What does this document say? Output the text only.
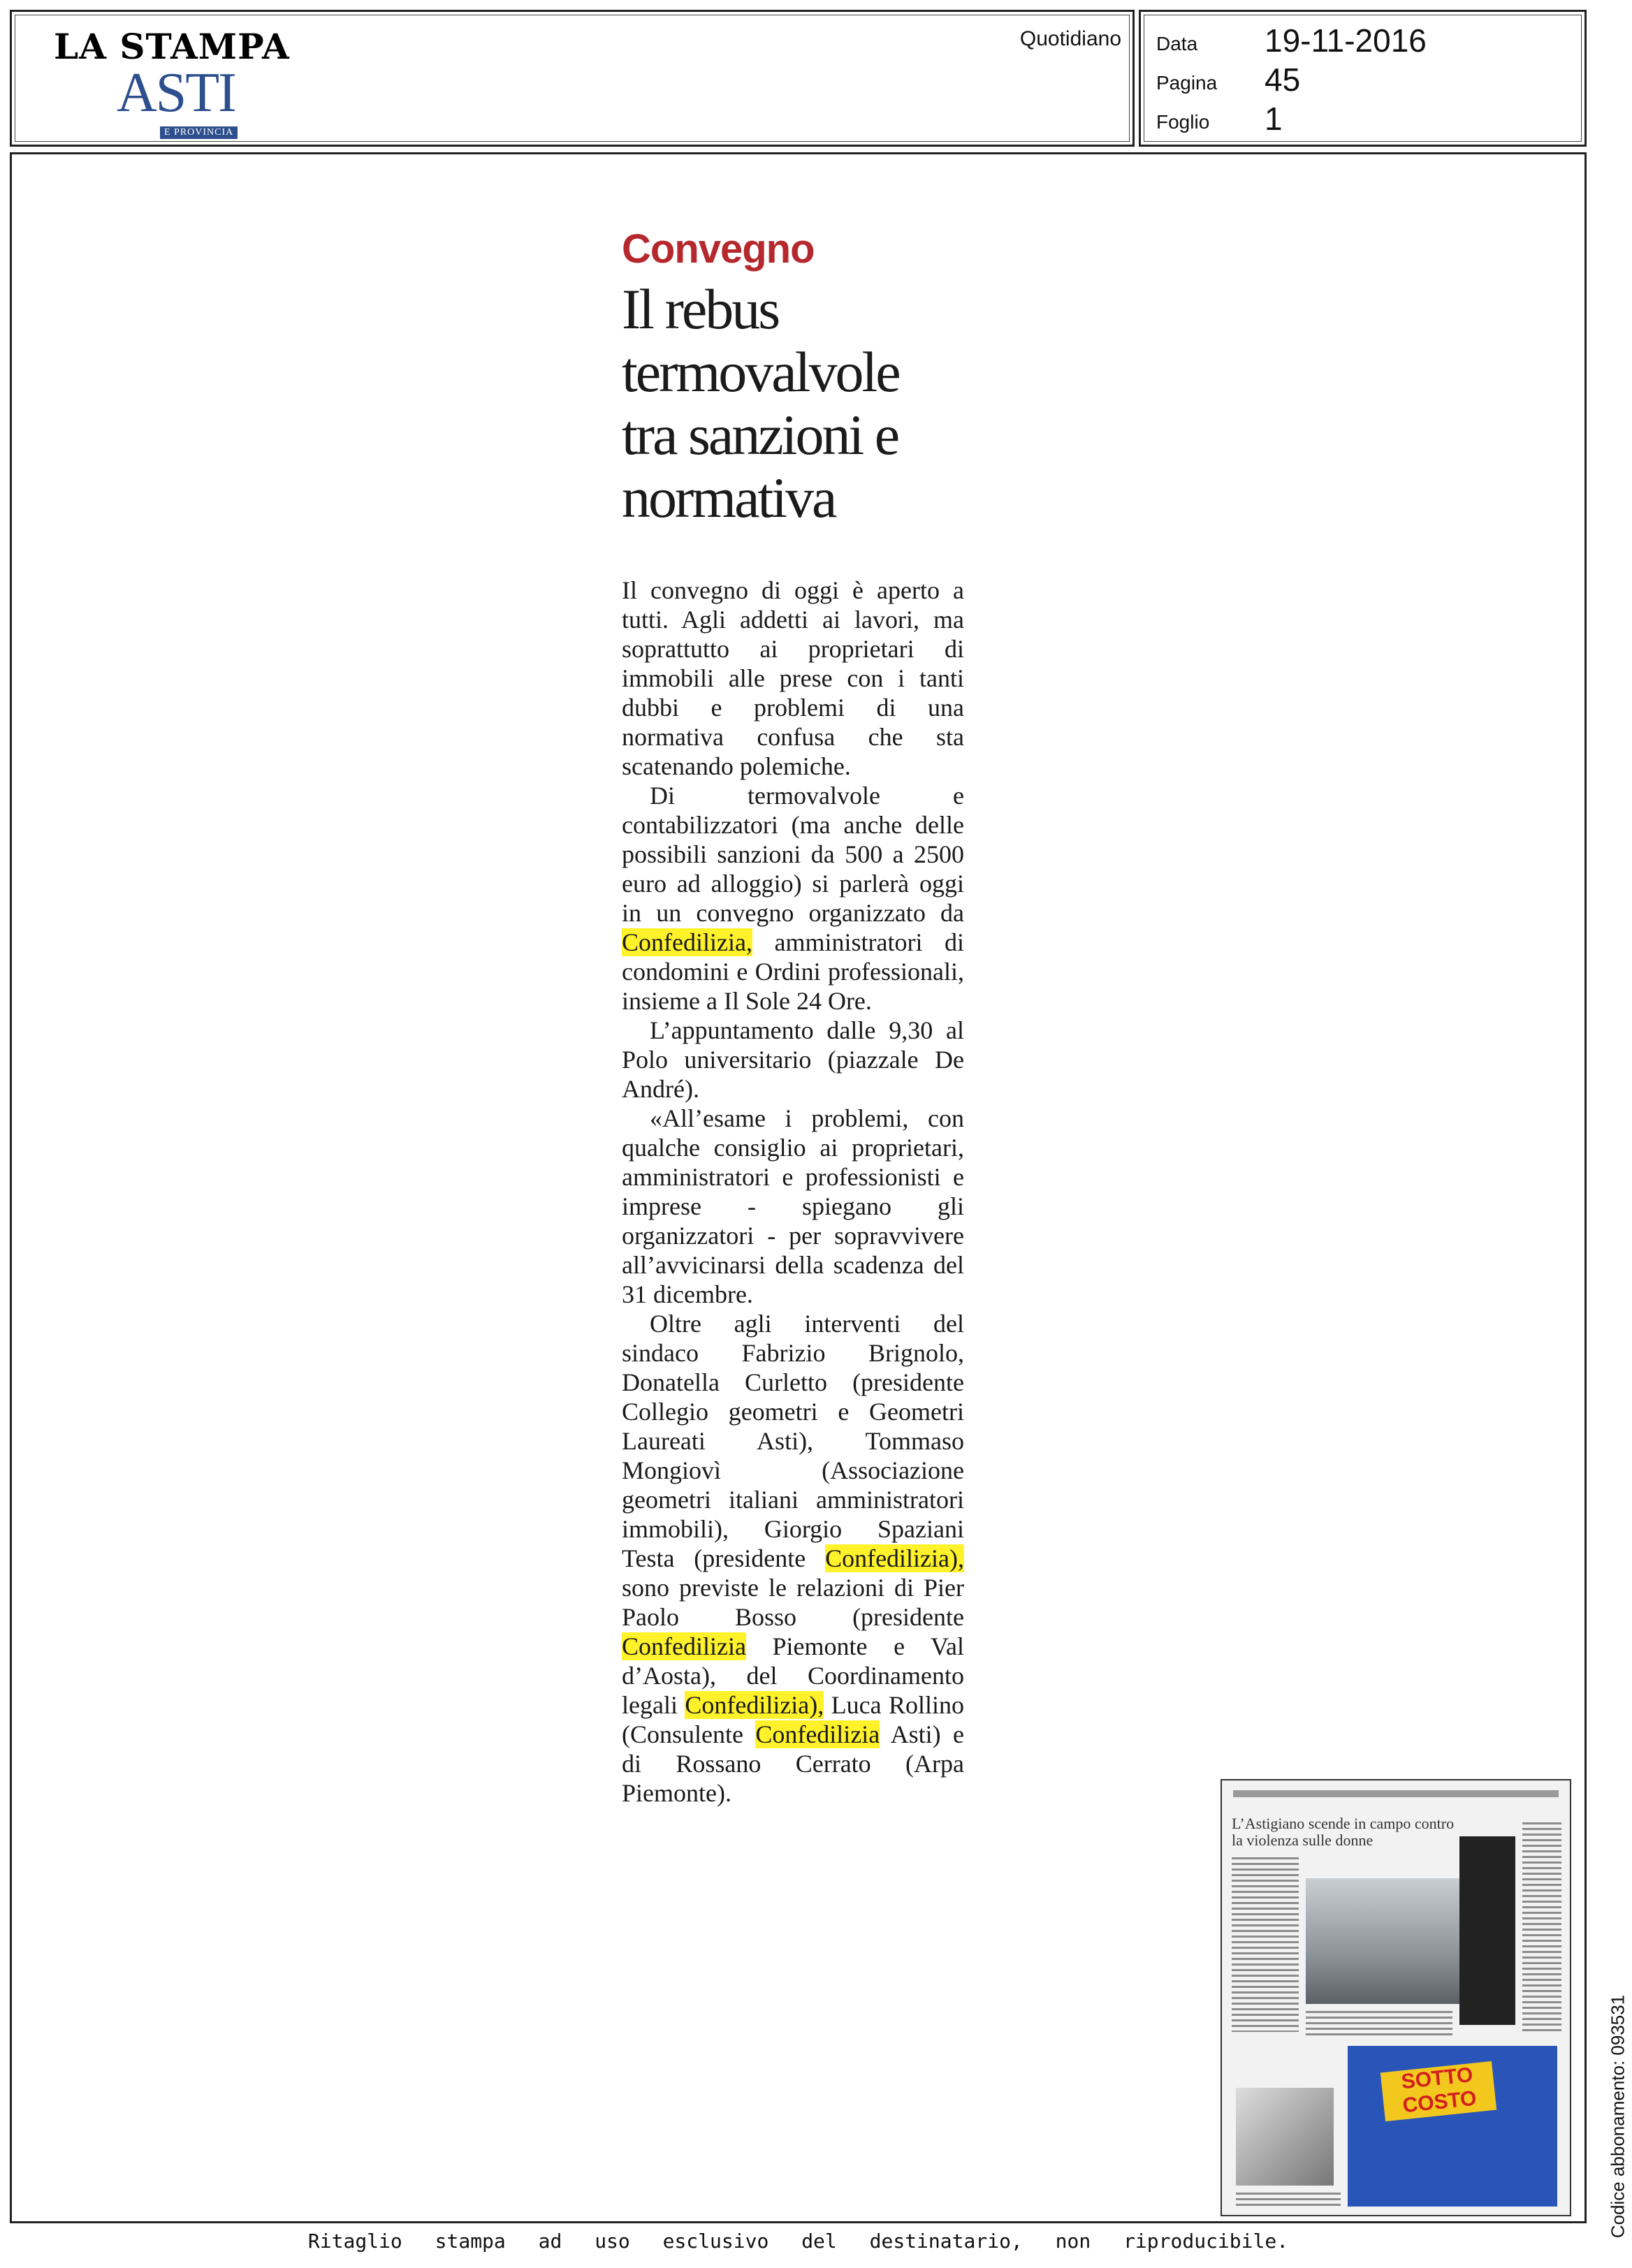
LA STAMPA
ASTI
E PROVINCIA
Quotidiano Data 19-11-2016
Pagina 45
Foglio 1
Convegno
Il rebus termovalvole tra sanzioni e normativa

Il convegno di oggi è aperto a tutti. Agli addetti ai lavori, ma soprattutto ai proprietari di immobili alle prese con i tanti dubbi e problemi di una normativa confusa che sta scatenando polemiche.

Di termovalvole e contabilizzatori (ma anche delle possibili sanzioni da 500 a 2500 euro ad alloggio) si parlerà oggi in un convegno organizzato da Confedilizia, amministratori di condomini e Ordini professionali, insieme a Il Sole 24 Ore.

L’appuntamento dalle 9,30 al Polo universitario (piazzale De André).

«All’esame i problemi, con qualche consiglio ai proprietari, amministratori e professionisti e imprese - spiegano gli organizzatori - per sopravvivere all’avvicinarsi della scadenza del 31 dicembre.

Oltre agli interventi del sindaco Fabrizio Brignolo, Donatella Curletto (presidente Collegio geometri e Geometri Laureati Asti), Tommaso Mongiovì (Associazione geometri italiani amministratori immobili), Giorgio Spaziani Testa (presidente Confedilizia), sono previste le relazioni di Pier Paolo Bosso (presidente Confedilizia Piemonte e Val d’Aosta), del Coordinamento legali Confedilizia), Luca Rollino (Consulente Confedilizia Asti) e di Rossano Cerrato (Arpa Piemonte).

L’Astigiano scende in campo contro la violenza sulle donne
SOTTO COSTO
Ritaglio stampa ad uso esclusivo del destinatario, non riproducibile.
Codice abbonamento: 093531
